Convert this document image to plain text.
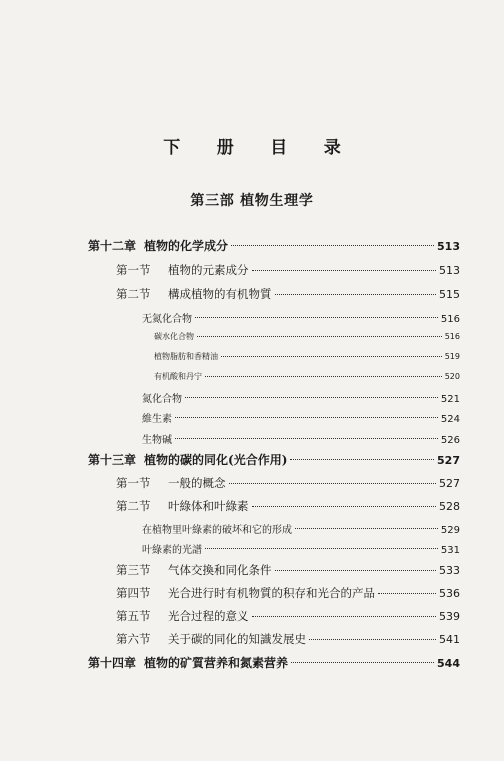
下 册 目 录
第三部 植物生理学
第十二章 植物的化学成分	513
第一节 植物的元素成分	513
第二节 構成植物的有机物質	515
无氮化合物	516
碳水化合物	516
植物脂肪和香精油	519
有机酸和丹宁	520
氮化合物	521
維生素	524
生物碱	526
第十三章 植物的碳的同化(光合作用)	527
第一节 一般的概念	527
第二节 叶綠体和叶綠素	528
在植物里叶綠素的破坏和它的形成	529
叶綠素的光譜	531
第三节 气体交換和同化条件	533
第四节 光合进行时有机物質的积存和光合的产品	536
第五节 光合过程的意义	539
第六节 关于碳的同化的知識发展史	541
第十四章 植物的矿質营养和氮素营养	544
